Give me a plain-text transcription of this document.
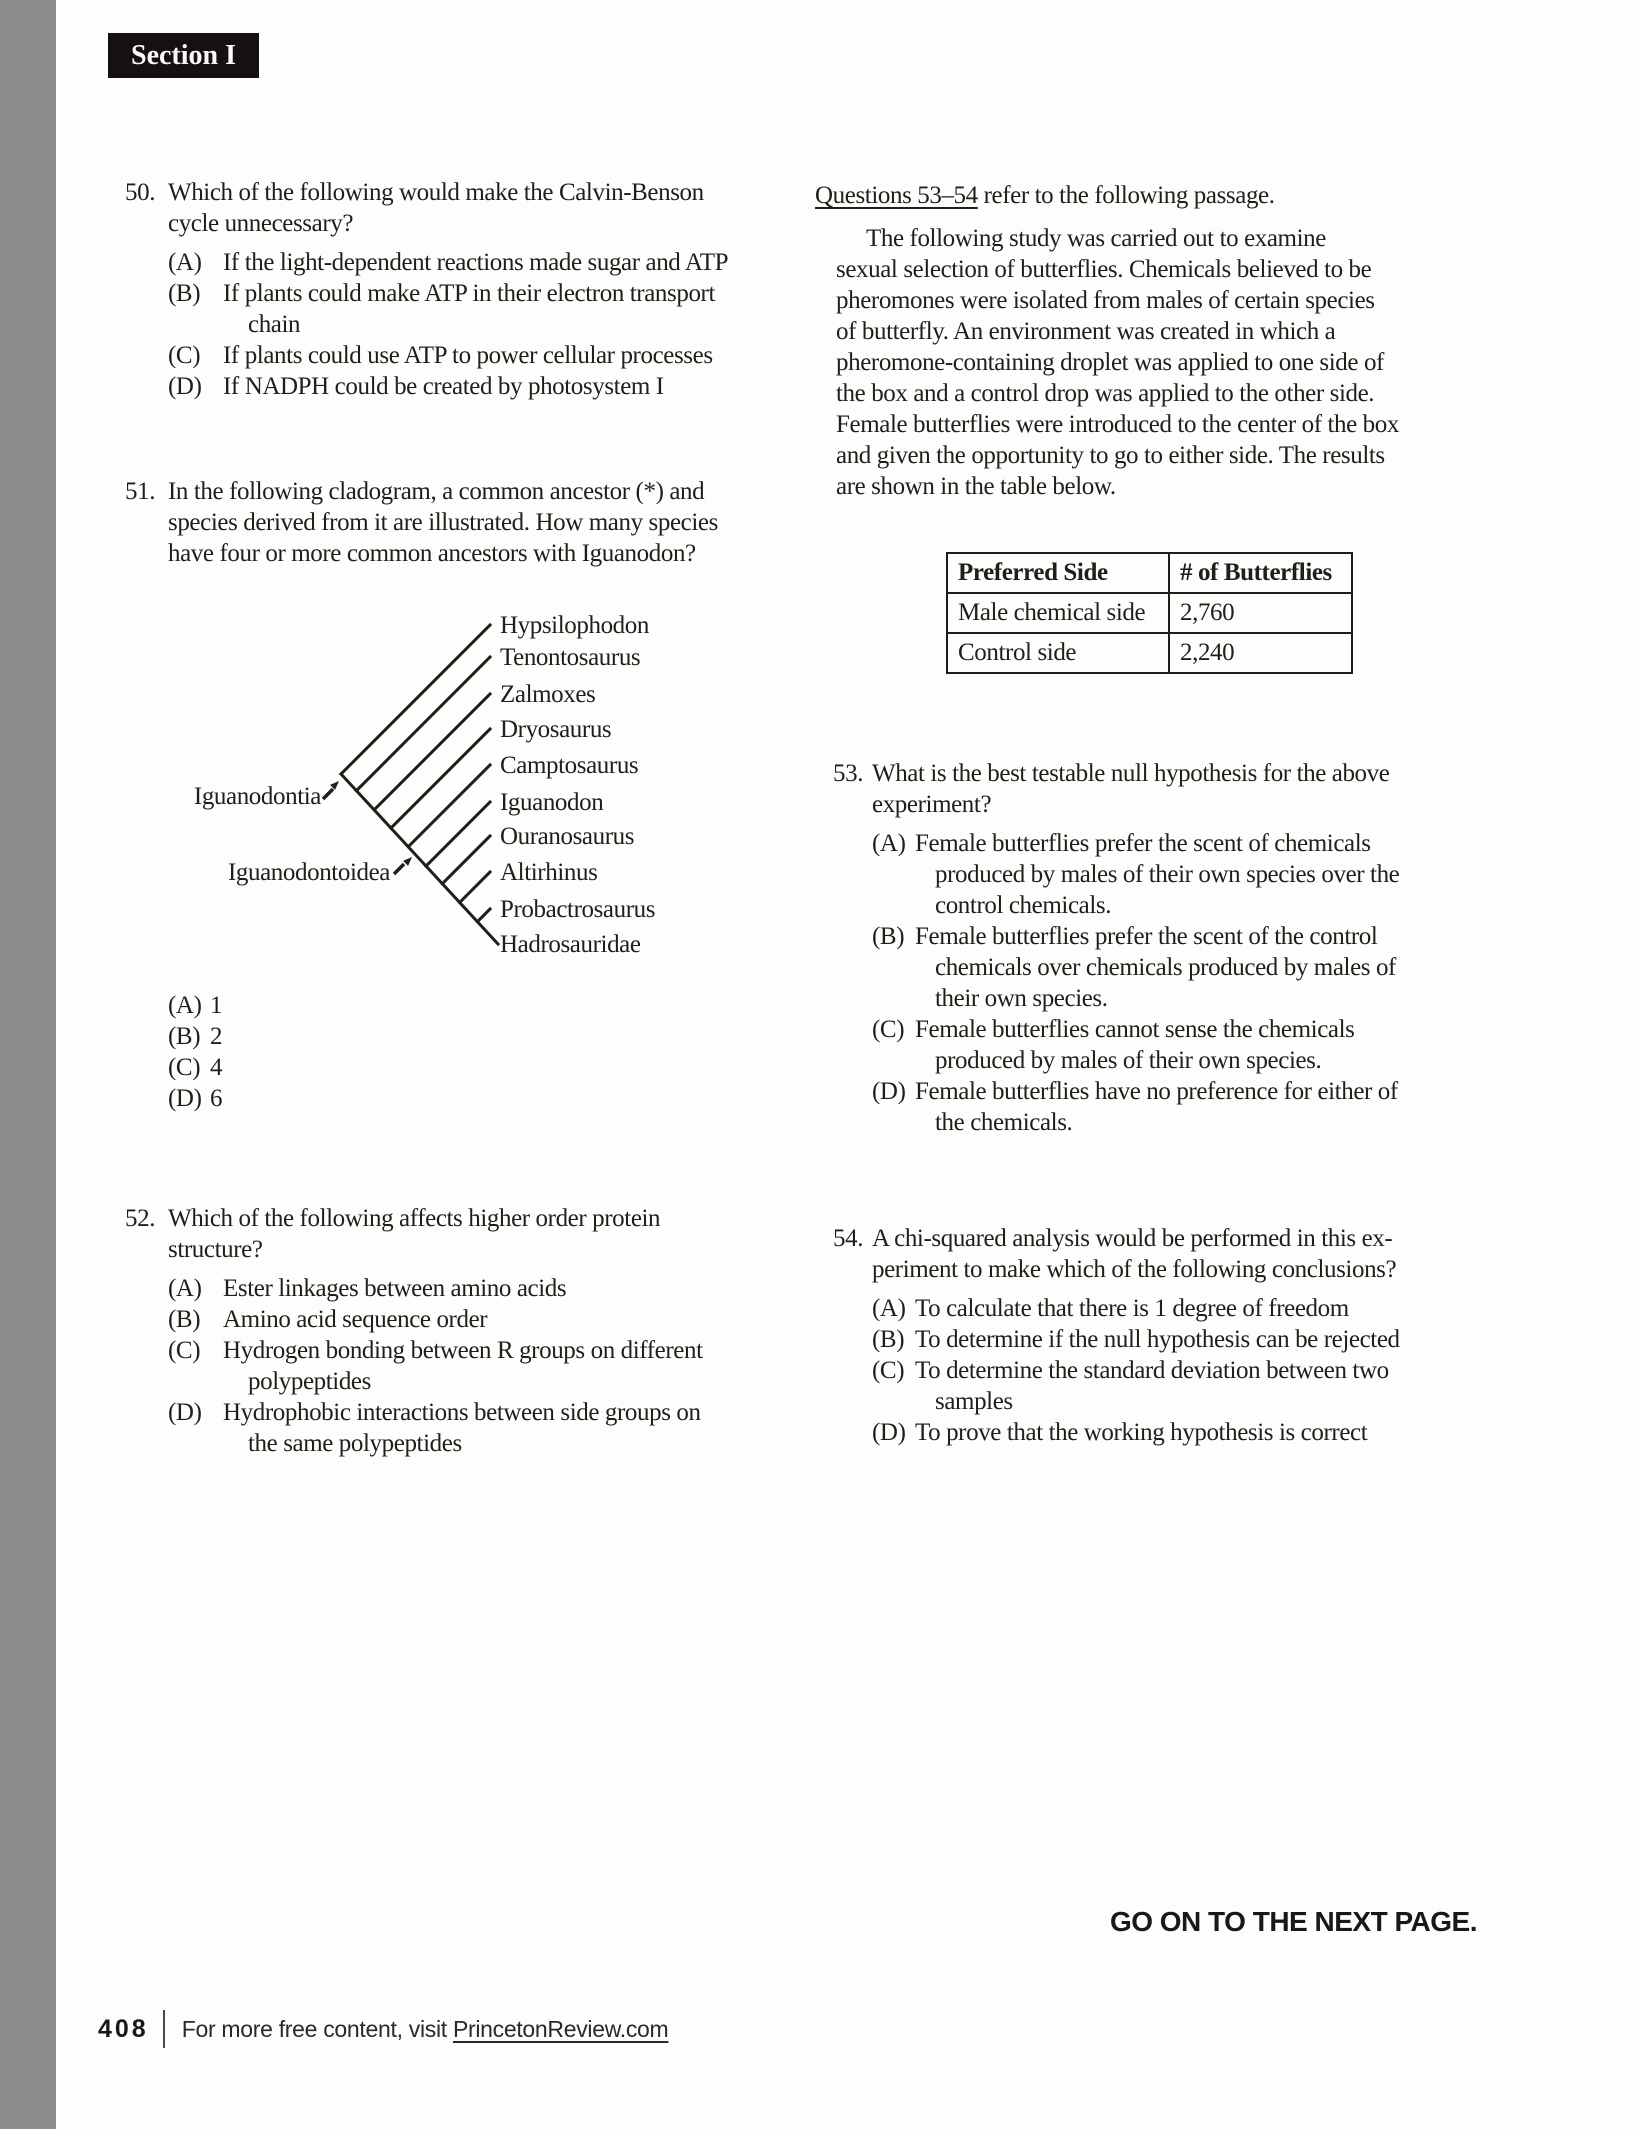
Section I
50. Which of the following would make the Calvin-Benson
cycle unnecessary?
(A) If the light-dependent reactions made sugar and ATP
(B) If plants could make ATP in their electron transport
chain
(C) If plants could use ATP to power cellular processes
(D) If NADPH could be created by photosystem I
51. In the following cladogram, a common ancestor (*) and
species derived from it are illustrated. How many species
have four or more common ancestors with Iguanodon?
Hypsilophodon
Tenontosaurus
Zalmoxes
Dryosaurus
Camptosaurus
Iguanodon
Ouranosaurus
Altirhinus
Probactrosaurus
Hadrosauridae
Iguanodontia
Iguanodontoidea
(A) 1
(B) 2
(C) 4
(D) 6
52. Which of the following affects higher order protein
structure?
(A) Ester linkages between amino acids
(B) Amino acid sequence order
(C) Hydrogen bonding between R groups on different
polypeptides
(D) Hydrophobic interactions between side groups on
the same polypeptides
Questions 53–54 refer to the following passage.
The following study was carried out to examine
sexual selection of butterflies. Chemicals believed to be
pheromones were isolated from males of certain species
of butterfly. An environment was created in which a
pheromone-containing droplet was applied to one side of
the box and a control drop was applied to the other side.
Female butterflies were introduced to the center of the box
and given the opportunity to go to either side. The results
are shown in the table below.
Preferred Side	# of Butterflies
Male chemical side	2,760
Control side	2,240
53. What is the best testable null hypothesis for the above
experiment?
(A) Female butterflies prefer the scent of chemicals
produced by males of their own species over the
control chemicals.
(B) Female butterflies prefer the scent of the control
chemicals over chemicals produced by males of
their own species.
(C) Female butterflies cannot sense the chemicals
produced by males of their own species.
(D) Female butterflies have no preference for either of
the chemicals.
54. A chi-squared analysis would be performed in this ex-
periment to make which of the following conclusions?
(A) To calculate that there is 1 degree of freedom
(B) To determine if the null hypothesis can be rejected
(C) To determine the standard deviation between two
samples
(D) To prove that the working hypothesis is correct
GO ON TO THE NEXT PAGE.
408 For more free content, visit PrincetonReview.com
